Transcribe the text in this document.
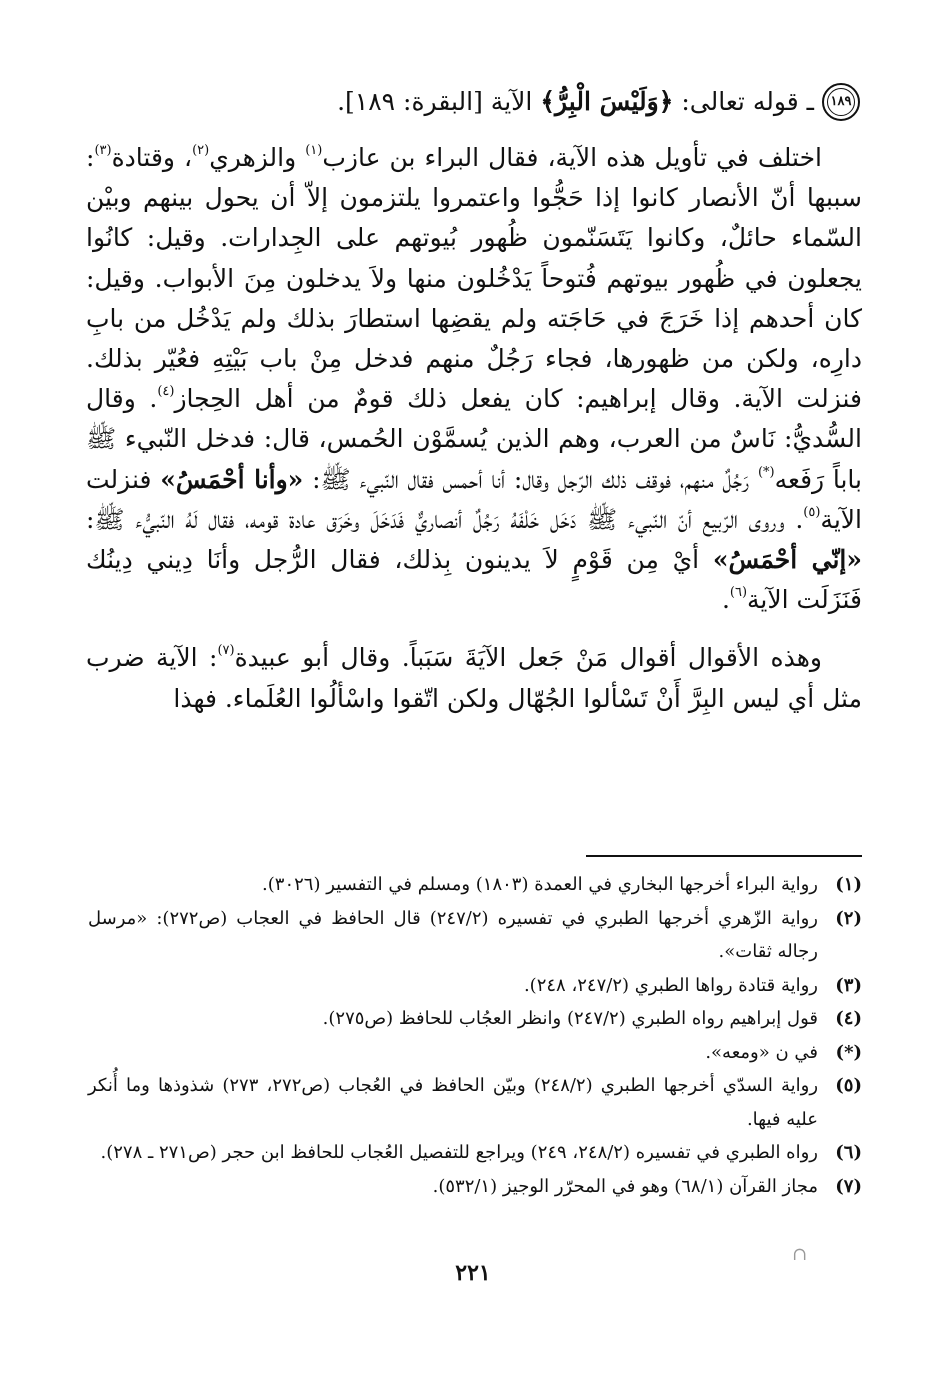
١٨٩
ـ قوله تعالى:
﴿وَلَيْسَ الْبِرُّ﴾
الآية [البقرة: ١٨٩].

اختلف في تأويل هذه الآية، فقال البراء بن عازب$^{(١)}$ والزهري$^{(٢)}$، وقتادة$^{(٣)}$: سببها أنّ الأنصار كانوا إذا حَجُّوا واعتمروا يلتزمون إلاّ أن يحول بينهم وبيْن السّماء حائلٌ، وكانوا يَتَسَنّمون ظُهور بُيوتهم على الجِدارات. وقيل: كانُوا يجعلون في ظُهور بيوتهم فُتوحاً يَدْخُلون منها ولاَ يدخلون مِنَ الأبواب. وقيل: كان أحدهم إذا خَرَجَ في حَاجَته ولم يقضِها استطارَ بذلك ولم يَدْخُل من بابِ دارِه، ولكن من ظهورها، فجاء رَجُلٌ منهم فدخل مِنْ باب بَيْتِهِ فعُيّر بذلك. فنزلت الآية. وقال إبراهيم: كان يفعل ذلك قومٌ من أهل الحِجاز$^{(٤)}$. وقال السُّديُّ: نَاسٌ من العرب، وهم الذين يُسمَّوْن الحُمس، قال: فدخل النّبيء ﷺ باباً رَفَعه(*) رَجُلٌ منهم، فوقف ذلك الرّجل وقال: أنا أحمس فقال النّبيء ﷺ: «وأنا أحْمَسُ» فنزلت الآية$^{(٥)}$. وروى الرّبيع أنّ النّبيء ﷺ دَخَل خَلْفَهُ رَجُلٌ أنصاريٌّ فَدَخَلَ وخَرَق عادة قومه، فقال لَهُ النّبيُّء ﷺ: «إنّي أحْمَسُ» أيْ مِن قَوْمٍ لاَ يدينون بِذلك، فقال الرُّجل وأنَا دِيني دِينُك فَنَزَلَت الآية$^{(٦)}$.

وهذه الأقوال أقوال مَنْ جَعل الآيَةَ سَبَباً. وقال أبو عبيدة$^{(٧)}$: الآية ضرب مثل أي ليس البِرَّ أَنْ تَسْألوا الجُهّال ولكن اتّقوا واسْألُوا العُلَماء. فهذا

(١)
رواية البراء أخرجها البخاري في العمدة (١٨٠٣) ومسلم في التفسير (٣٠٢٦).
(٢)
رواية الزّهري أخرجها الطبري في تفسيره (٢٤٧/٢) قال الحافظ في العجاب (ص٢٧٢): «مرسل رجاله ثقات».
(٣)
رواية قتادة رواها الطبري (٢٤٧/٢، ٢٤٨).
(٤)
قول إبراهيم رواه الطبري (٢٤٧/٢) وانظر العجُاب للحافظ (ص٢٧٥).
(*)
في ن «ومعه».
(٥)
رواية السدّي أخرجها الطبري (٢٤٨/٢) وبيّن الحافظ في العُجاب (ص٢٧٢، ٢٧٣) شذوذها وما أُنكر عليه فيها.
(٦)
رواه الطبري في تفسيره (٢٤٨/٢، ٢٤٩) ويراجع للتفصيل العُجاب للحافظ ابن حجر (ص٢٧١ ـ ٢٧٨).
(٧)
مجاز القرآن (٦٨/١) وهو في المحرّر الوجيز (٥٣٢/١).
∩
٢٢١
